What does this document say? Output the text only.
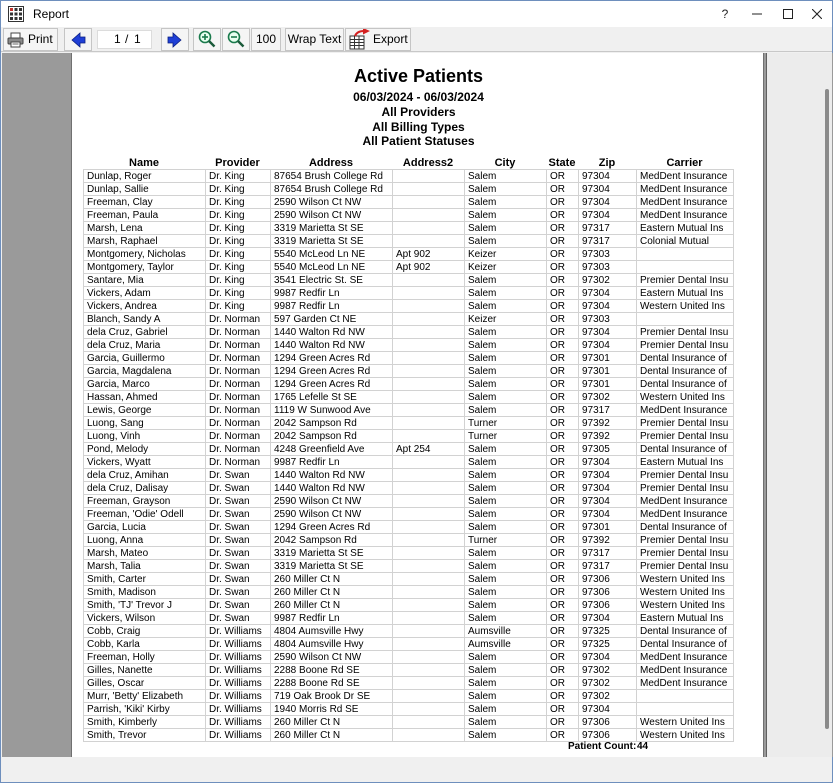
Report	?
Print	1 / 1	100 Wrap Text	Export
Active Patients
06/03/2024 - 06/03/2024
All Providers
All Billing Types
All Patient Statuses
Name	Provider	Address	Address2	City	State	Zip	Carrier
Dunlap, Roger	Dr. King	87654 Brush College Rd		Salem	OR	97304	MedDent Insurance
Dunlap, Sallie	Dr. King	87654 Brush College Rd		Salem	OR	97304	MedDent Insurance
Freeman, Clay	Dr. King	2590 Wilson Ct NW		Salem	OR	97304	MedDent Insurance
Freeman, Paula	Dr. King	2590 Wilson Ct NW		Salem	OR	97304	MedDent Insurance
Marsh, Lena	Dr. King	3319 Marietta St SE		Salem	OR	97317	Eastern Mutual Ins
Marsh, Raphael	Dr. King	3319 Marietta St SE		Salem	OR	97317	Colonial Mutual
Montgomery, Nicholas	Dr. King	5540 McLeod Ln NE	Apt 902	Keizer	OR	97303	
Montgomery, Taylor	Dr. King	5540 McLeod Ln NE	Apt 902	Keizer	OR	97303	
Santare, Mia	Dr. King	3541 Electric St. SE		Salem	OR	97302	Premier Dental Insu
Vickers, Adam	Dr. King	9987 Redfir Ln		Salem	OR	97304	Eastern Mutual Ins
Vickers, Andrea	Dr. King	9987 Redfir Ln		Salem	OR	97304	Western United Ins
Blanch, Sandy A	Dr. Norman	597 Garden Ct NE		Keizer	OR	97303	
dela Cruz, Gabriel	Dr. Norman	1440 Walton Rd NW		Salem	OR	97304	Premier Dental Insu
dela Cruz, Maria	Dr. Norman	1440 Walton Rd NW		Salem	OR	97304	Premier Dental Insu
Garcia, Guillermo	Dr. Norman	1294 Green Acres Rd		Salem	OR	97301	Dental Insurance of
Garcia, Magdalena	Dr. Norman	1294 Green Acres Rd		Salem	OR	97301	Dental Insurance of
Garcia, Marco	Dr. Norman	1294 Green Acres Rd		Salem	OR	97301	Dental Insurance of
Hassan, Ahmed	Dr. Norman	1765 Lefelle St SE		Salem	OR	97302	Western United Ins
Lewis, George	Dr. Norman	1119 W Sunwood Ave		Salem	OR	97317	MedDent Insurance
Luong, Sang	Dr. Norman	2042 Sampson Rd		Turner	OR	97392	Premier Dental Insu
Luong, Vinh	Dr. Norman	2042 Sampson Rd		Turner	OR	97392	Premier Dental Insu
Pond, Melody	Dr. Norman	4248 Greenfield Ave	Apt 254	Salem	OR	97305	Dental Insurance of
Vickers, Wyatt	Dr. Norman	9987 Redfir Ln		Salem	OR	97304	Eastern Mutual Ins
dela Cruz, Amihan	Dr. Swan	1440 Walton Rd NW		Salem	OR	97304	Premier Dental Insu
dela Cruz, Dalisay	Dr. Swan	1440 Walton Rd NW		Salem	OR	97304	Premier Dental Insu
Freeman, Grayson	Dr. Swan	2590 Wilson Ct NW		Salem	OR	97304	MedDent Insurance
Freeman, 'Odie' Odell	Dr. Swan	2590 Wilson Ct NW		Salem	OR	97304	MedDent Insurance
Garcia, Lucia	Dr. Swan	1294 Green Acres Rd		Salem	OR	97301	Dental Insurance of
Luong, Anna	Dr. Swan	2042 Sampson Rd		Turner	OR	97392	Premier Dental Insu
Marsh, Mateo	Dr. Swan	3319 Marietta St SE		Salem	OR	97317	Premier Dental Insu
Marsh, Talia	Dr. Swan	3319 Marietta St SE		Salem	OR	97317	Premier Dental Insu
Smith, Carter	Dr. Swan	260 Miller Ct N		Salem	OR	97306	Western United Ins
Smith, Madison	Dr. Swan	260 Miller Ct N		Salem	OR	97306	Western United Ins
Smith, 'TJ' Trevor J	Dr. Swan	260 Miller Ct N		Salem	OR	97306	Western United Ins
Vickers, Wilson	Dr. Swan	9987 Redfir Ln		Salem	OR	97304	Eastern Mutual Ins
Cobb, Craig	Dr. Williams	4804 Aumsville Hwy		Aumsville	OR	97325	Dental Insurance of
Cobb, Karla	Dr. Williams	4804 Aumsville Hwy		Aumsville	OR	97325	Dental Insurance of
Freeman, Holly	Dr. Williams	2590 Wilson Ct NW		Salem	OR	97304	MedDent Insurance
Gilles, Nanette	Dr. Williams	2288 Boone Rd SE		Salem	OR	97302	MedDent Insurance
Gilles, Oscar	Dr. Williams	2288 Boone Rd SE		Salem	OR	97302	MedDent Insurance
Murr, 'Betty' Elizabeth	Dr. Williams	719 Oak Brook Dr SE		Salem	OR	97302	
Parrish, 'Kiki' Kirby	Dr. Williams	1940 Morris Rd SE		Salem	OR	97304	
Smith, Kimberly	Dr. Williams	260 Miller Ct N		Salem	OR	97306	Western United Ins
Smith, Trevor	Dr. Williams	260 Miller Ct N		Salem	OR	97306	Western United Ins
Patient Count: 44
